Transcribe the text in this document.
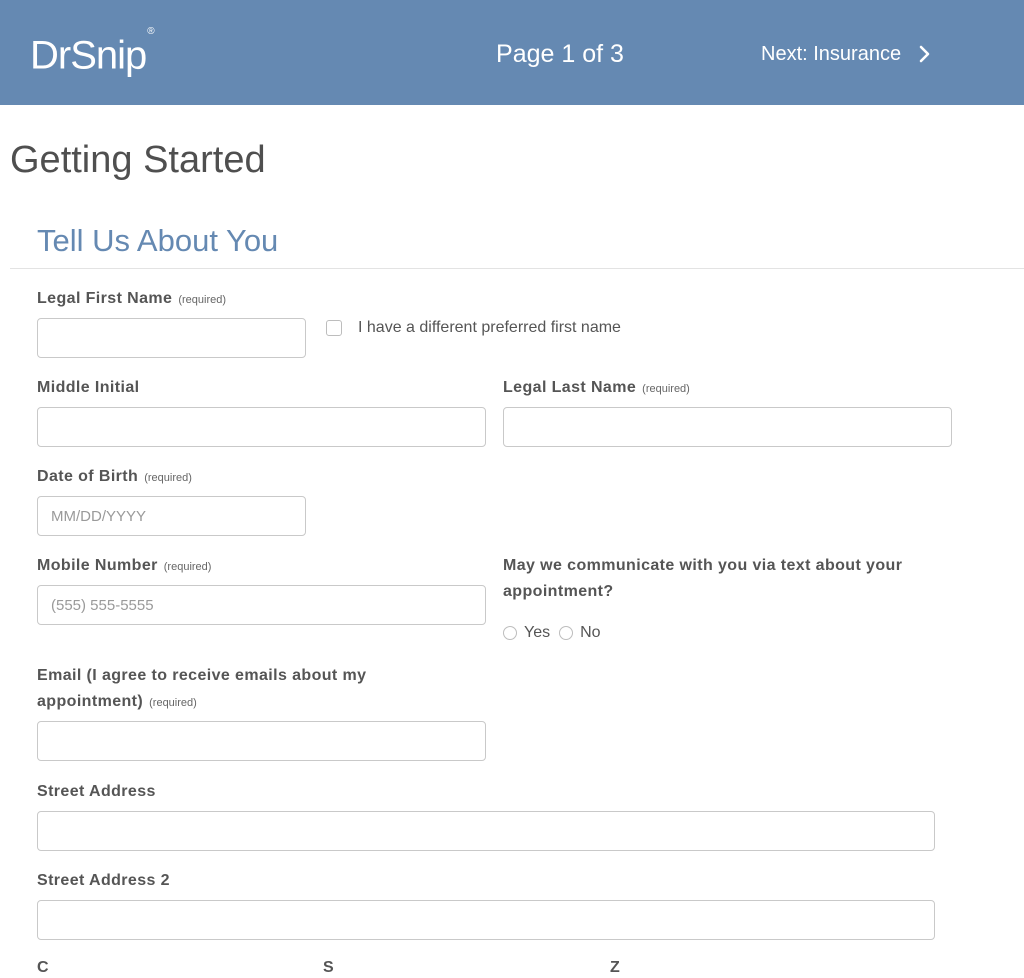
DrSnip®
Page 1 of 3	Next: Insurance
Getting Started
Tell Us About You
Legal First Name (required)
I have a different preferred first name
Middle Initial	Legal Last Name (required)
Date of Birth (required)
MM/DD/YYYY
Mobile Number (required)
(555) 555-5555	May we communicate with you via text about your
appointment?
Yes No
Email (I agree to receive emails about my
appointment) (required)
Street Address
Street Address 2
C	S	Z
